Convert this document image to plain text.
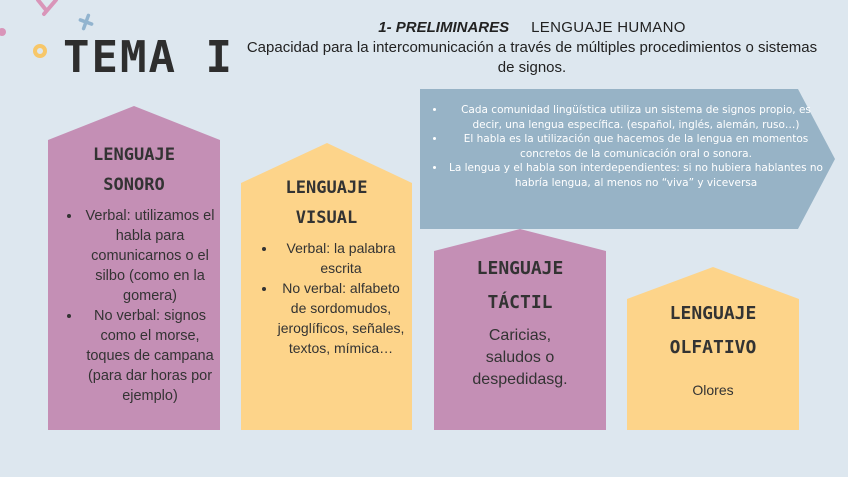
TEMA I
1- PRELIMINARES LENGUAJE HUMANO
Capacidad para la intercomunicación a través de múltiples procedimientos o sistemas de signos.
• Cada comunidad lingüística utiliza un sistema de signos propio, es decir, una lengua específica. (español, inglés, alemán, ruso…)
• El habla es la utilización que hacemos de la lengua en momentos concretos de la comunicación oral o sonora.
• La lengua y el habla son interdependientes: si no hubiera hablantes no habría lengua, al menos no “viva” y viceversa
LENGUAJE
SONORO
• Verbal: utilizamos el habla para comunicarnos o el silbo (como en la gomera)
• No verbal: signos como el morse, toques de campana (para dar horas por ejemplo)
LENGUAJE
VISUAL
• Verbal: la palabra escrita
• No verbal: alfabeto de sordomudos, jeroglíficos, señales, textos, mímica…
LENGUAJE
TÁCTIL
Caricias, saludos o despedidasg.
LENGUAJE
OLFATIVO
Olores
